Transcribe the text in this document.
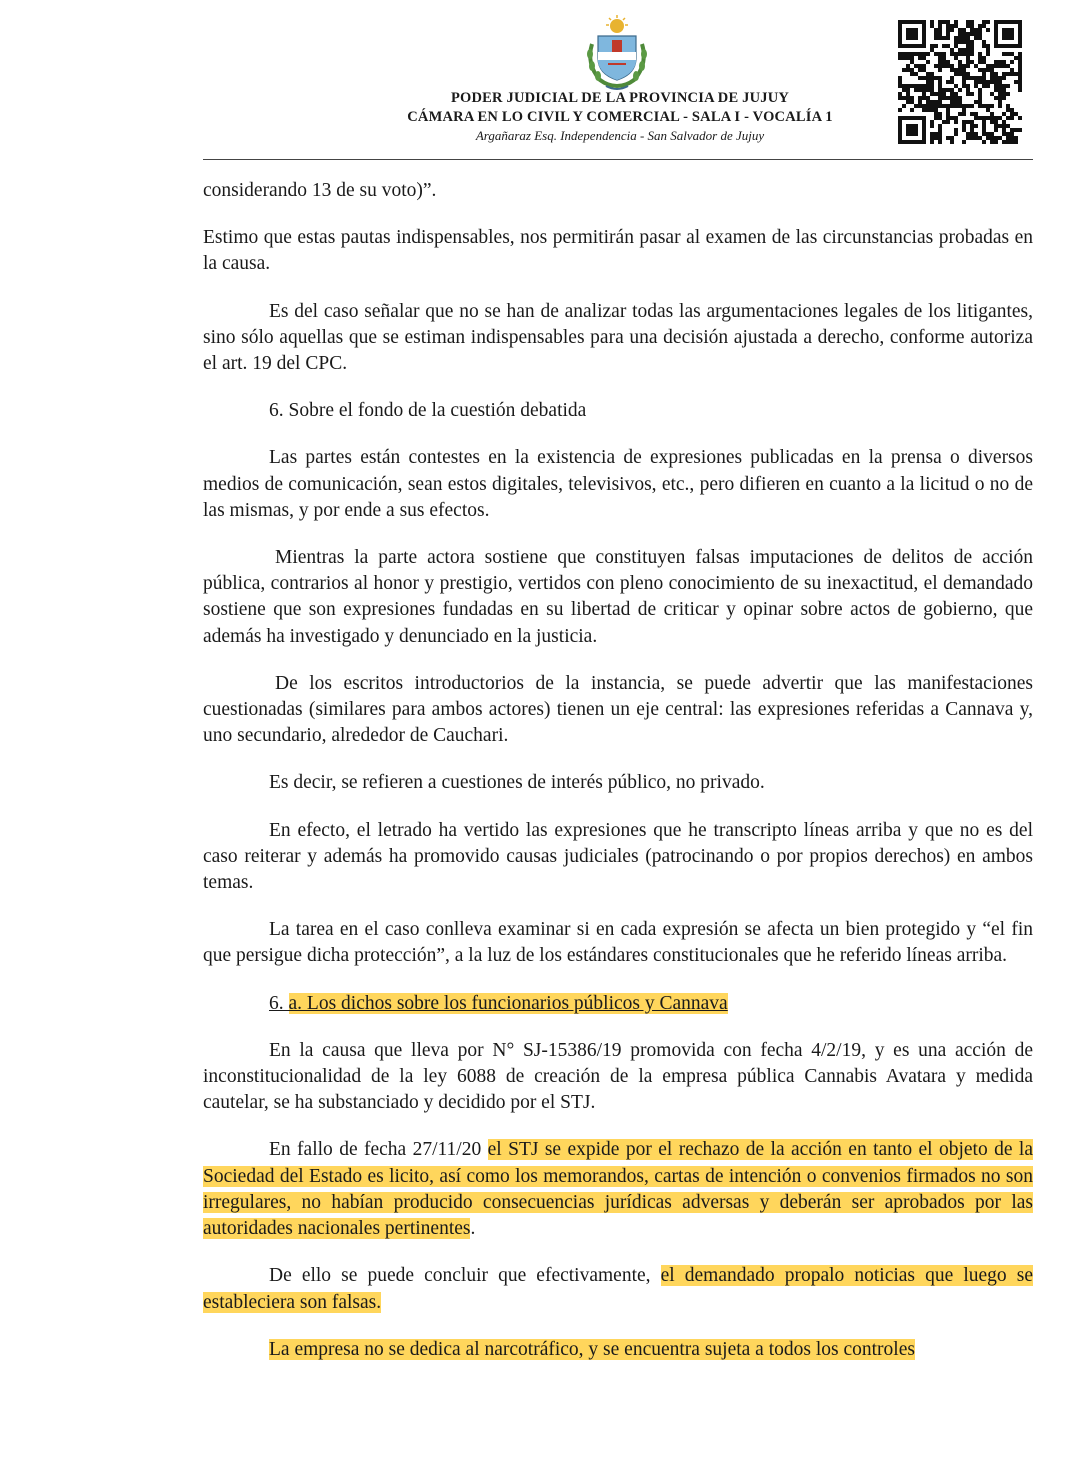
PODER JUDICIAL DE LA PROVINCIA DE JUJUY
CÁMARA EN LO CIVIL Y COMERCIAL - SALA I - VOCALÍA 1
Argañaraz Esq. Independencia - San Salvador de Jujuy

considerando 13 de su voto)”.

Estimo que estas pautas indispensables, nos permitirán pasar al examen de las circunstancias probadas en la causa.

Es del caso señalar que no se han de analizar todas las argumentaciones legales de los litigantes, sino sólo aquellas que se estiman indispensables para una decisión ajustada a derecho, conforme autoriza el art. 19 del CPC.

6. Sobre el fondo de la cuestión debatida

Las partes están contestes en la existencia de expresiones publicadas en la prensa o diversos medios de comunicación, sean estos digitales, televisivos, etc., pero difieren en cuanto a la licitud o no de las mismas, y por ende a sus efectos.

Mientras la parte actora sostiene que constituyen falsas imputaciones de delitos de acción pública, contrarios al honor y prestigio, vertidos con pleno conocimiento de su inexactitud, el demandado sostiene que son expresiones fundadas en su libertad de criticar y opinar sobre actos de gobierno, que además ha investigado y denunciado en la justicia.

De los escritos introductorios de la instancia, se puede advertir que las manifestaciones cuestionadas (similares para ambos actores) tienen un eje central: las expresiones referidas a Cannava y, uno secundario, alrededor de Cauchari.

Es decir, se refieren a cuestiones de interés público, no privado.

En efecto, el letrado ha vertido las expresiones que he transcripto líneas arriba y que no es del caso reiterar y además ha promovido causas judiciales (patrocinando o por propios derechos) en ambos temas.

La tarea en el caso conlleva examinar si en cada expresión se afecta un bien protegido y “el fin que persigue dicha protección”, a la luz de los estándares constitucionales que he referido líneas arriba.

6. a. Los dichos sobre los funcionarios públicos y Cannava

En la causa que lleva por N° SJ-15386/19 promovida con fecha 4/2/19, y es una acción de inconstitucionalidad de la ley 6088 de creación de la empresa pública Cannabis Avatara y medida cautelar, se ha substanciado y decidido por el STJ.

En fallo de fecha 27/11/20 el STJ se expide por el rechazo de la acción en tanto el objeto de la Sociedad del Estado es licito, así como los memorandos, cartas de intención o convenios firmados no son irregulares, no habían producido consecuencias jurídicas adversas y deberán ser aprobados por las autoridades nacionales pertinentes.

De ello se puede concluir que efectivamente, el demandado propalo noticias que luego se estableciera son falsas.

La empresa no se dedica al narcotráfico, y se encuentra sujeta a todos los controles
